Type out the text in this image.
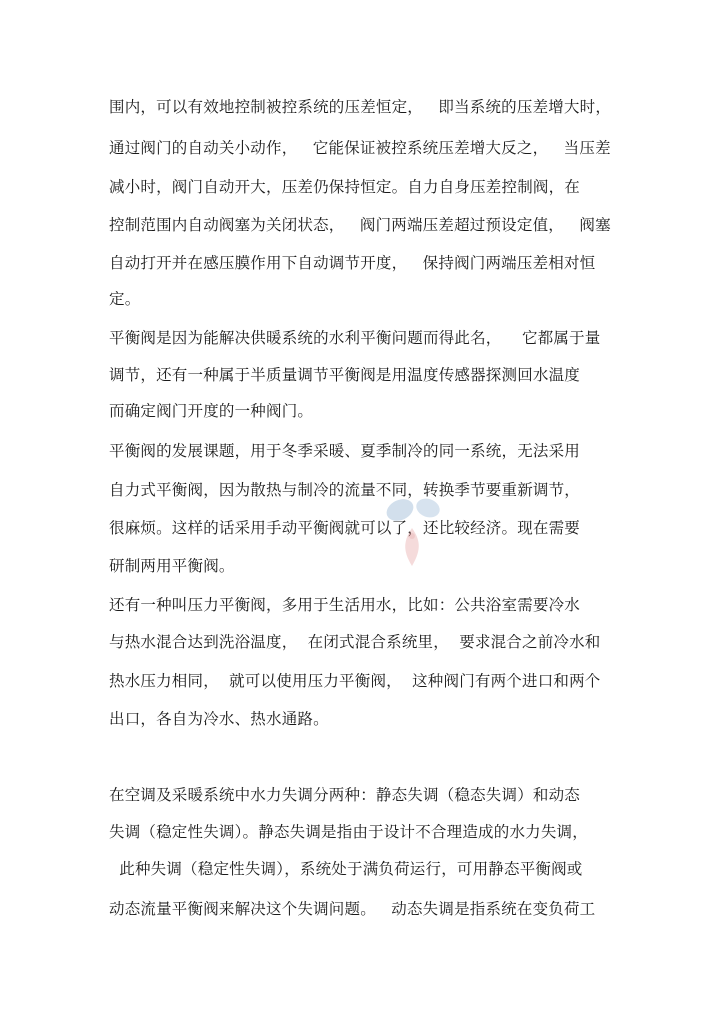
围内，可以有效地控制被控系统的压差恒定，   即当系统的压差增大时，
通过阀门的自动关小动作，   它能保证被控系统压差增大反之，   当压差
减小时，阀门自动开大，压差仍保持恒定。自力自身压差控制阀，在
控制范围内自动阀塞为关闭状态，   阀门两端压差超过预设定值，   阀塞
自动打开并在感压膜作用下自动调节开度，   保持阀门两端压差相对恒
定。
平衡阀是因为能解决供暖系统的水利平衡问题而得此名，    它都属于量
调节，还有一种属于半质量调节平衡阀是用温度传感器探测回水温度
而确定阀门开度的一种阀门。
平衡阀的发展课题，用于冬季采暖、夏季制冷的同一系统，无法采用
自力式平衡阀，因为散热与制冷的流量不同，转换季节要重新调节，
很麻烦。这样的话采用手动平衡阀就可以了，还比较经济。现在需要
研制两用平衡阀。
还有一种叫压力平衡阀，多用于生活用水，比如：公共浴室需要冷水
与热水混合达到洗浴温度，  在闭式混合系统里，  要求混合之前冷水和
热水压力相同，  就可以使用压力平衡阀，  这种阀门有两个进口和两个
出口，各自为冷水、热水通路。
在空调及采暖系统中水力失调分两种：静态失调（稳态失调）和动态
失调（稳定性失调）。静态失调是指由于设计不合理造成的水力失调，
此种失调（稳定性失调），系统处于满负荷运行，可用静态平衡阀或
动态流量平衡阀来解决这个失调问题。   动态失调是指系统在变负荷工
